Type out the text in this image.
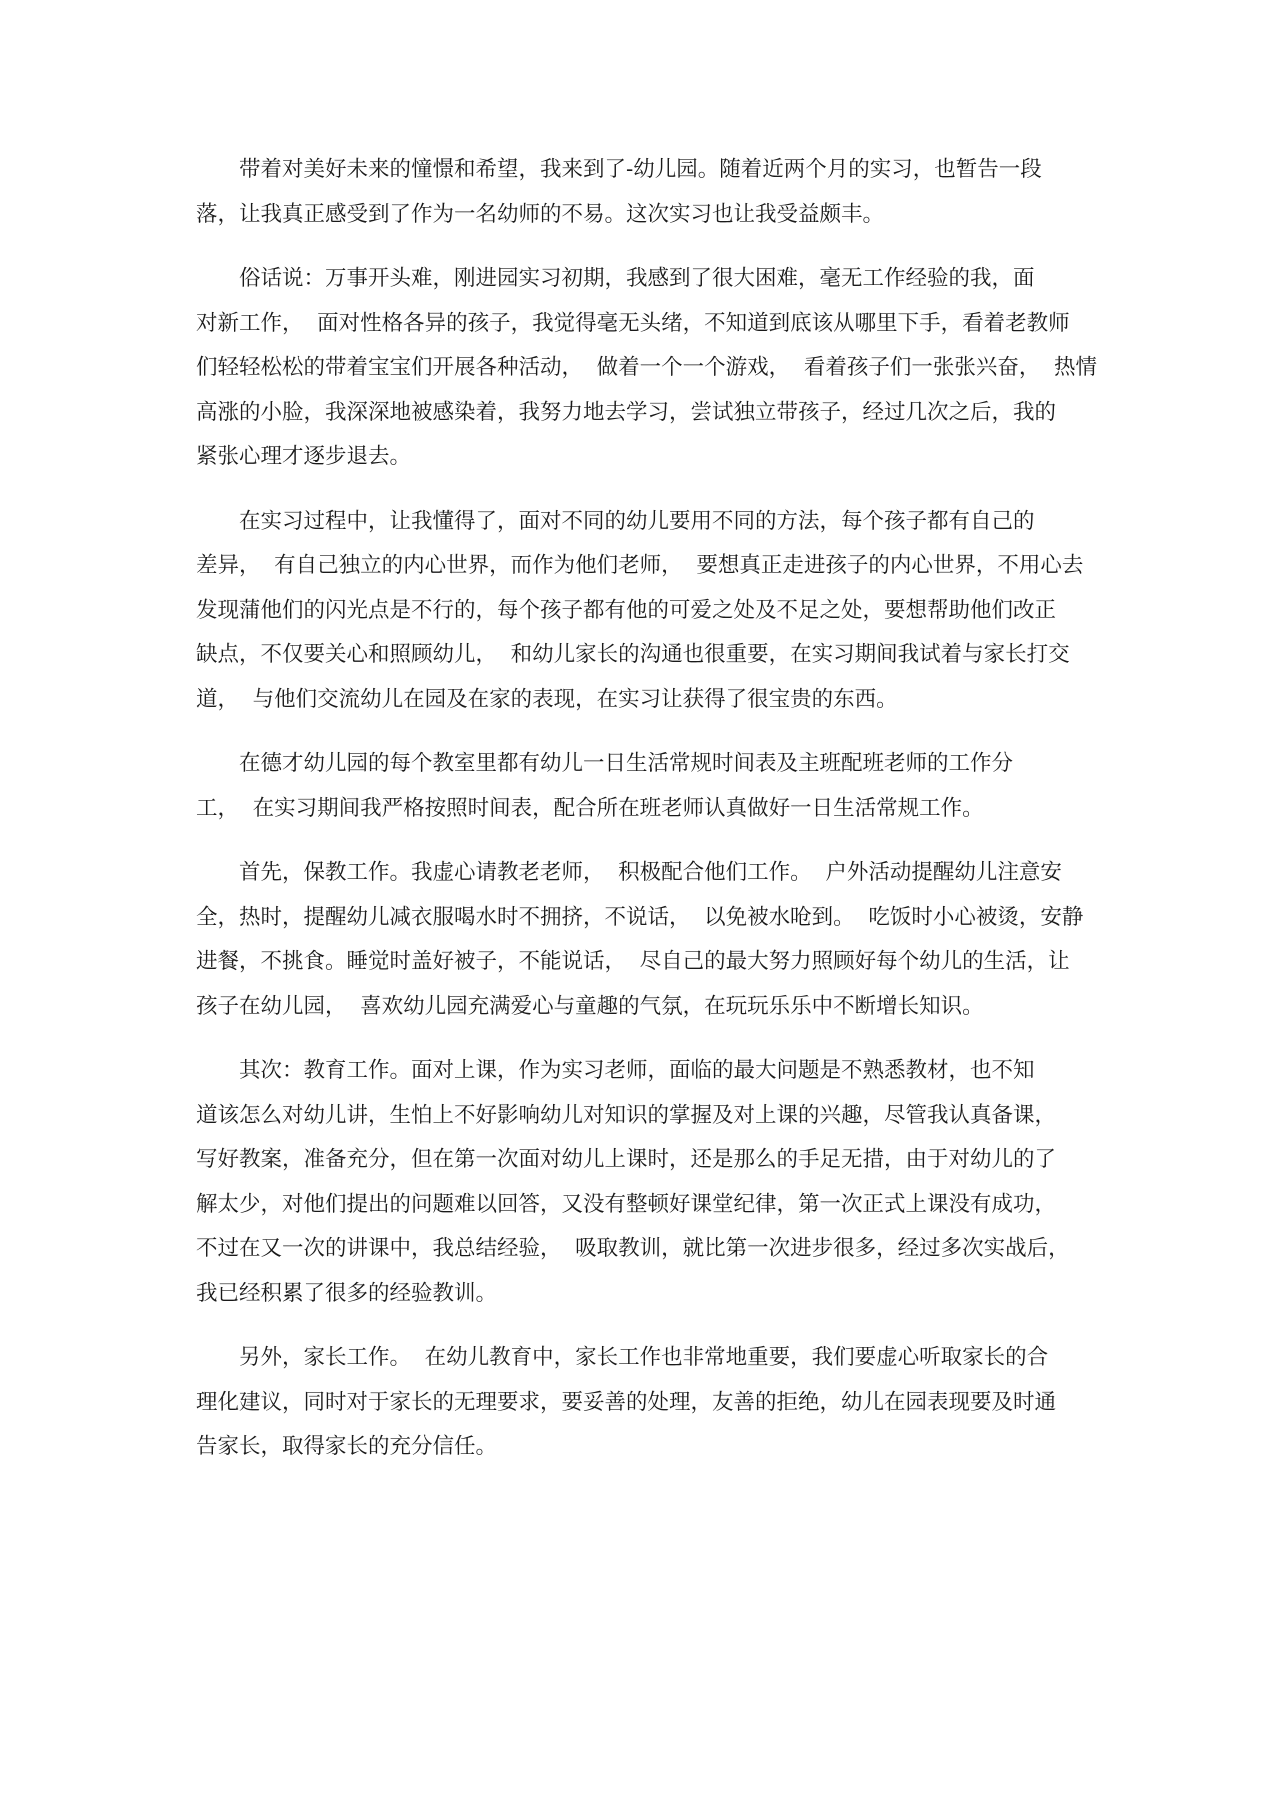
带着对美好未来的憧憬和希望，我来到了-幼儿园。随着近两个月的实习，也暂告一段
落，让我真正感受到了作为一名幼师的不易。这次实习也让我受益颇丰。
俗话说：万事开头难，刚进园实习初期，我感到了很大困难，毫无工作经验的我，面
对新工作，  面对性格各异的孩子，我觉得毫无头绪，不知道到底该从哪里下手，看着老教师
们轻轻松松的带着宝宝们开展各种活动，  做着一个一个游戏，  看着孩子们一张张兴奋，  热情
高涨的小脸，我深深地被感染着，我努力地去学习，尝试独立带孩子，经过几次之后，我的
紧张心理才逐步退去。
在实习过程中，让我懂得了，面对不同的幼儿要用不同的方法，每个孩子都有自己的
差异，  有自己独立的内心世界，而作为他们老师，  要想真正走进孩子的内心世界，不用心去
发现蒲他们的闪光点是不行的，每个孩子都有他的可爱之处及不足之处，要想帮助他们改正
缺点，不仅要关心和照顾幼儿，  和幼儿家长的沟通也很重要，在实习期间我试着与家长打交
道，  与他们交流幼儿在园及在家的表现，在实习让获得了很宝贵的东西。
在德才幼儿园的每个教室里都有幼儿一日生活常规时间表及主班配班老师的工作分
工，  在实习期间我严格按照时间表，配合所在班老师认真做好一日生活常规工作。
首先，保教工作。我虚心请教老老师，  积极配合他们工作。  户外活动提醒幼儿注意安
全，热时，提醒幼儿减衣服喝水时不拥挤，不说话，  以免被水呛到。  吃饭时小心被烫，安静
进餐，不挑食。睡觉时盖好被子，不能说话，  尽自己的最大努力照顾好每个幼儿的生活，让
孩子在幼儿园，  喜欢幼儿园充满爱心与童趣的气氛，在玩玩乐乐中不断增长知识。
其次：教育工作。面对上课，作为实习老师，面临的最大问题是不熟悉教材，也不知
道该怎么对幼儿讲，生怕上不好影响幼儿对知识的掌握及对上课的兴趣，尽管我认真备课，
写好教案，准备充分，但在第一次面对幼儿上课时，还是那么的手足无措，由于对幼儿的了
解太少，对他们提出的问题难以回答，又没有整顿好课堂纪律，第一次正式上课没有成功，
不过在又一次的讲课中，我总结经验，  吸取教训，就比第一次进步很多，经过多次实战后，
我已经积累了很多的经验教训。
另外，家长工作。  在幼儿教育中，家长工作也非常地重要，我们要虚心听取家长的合
理化建议，同时对于家长的无理要求，要妥善的处理，友善的拒绝，幼儿在园表现要及时通
告家长，取得家长的充分信任。
